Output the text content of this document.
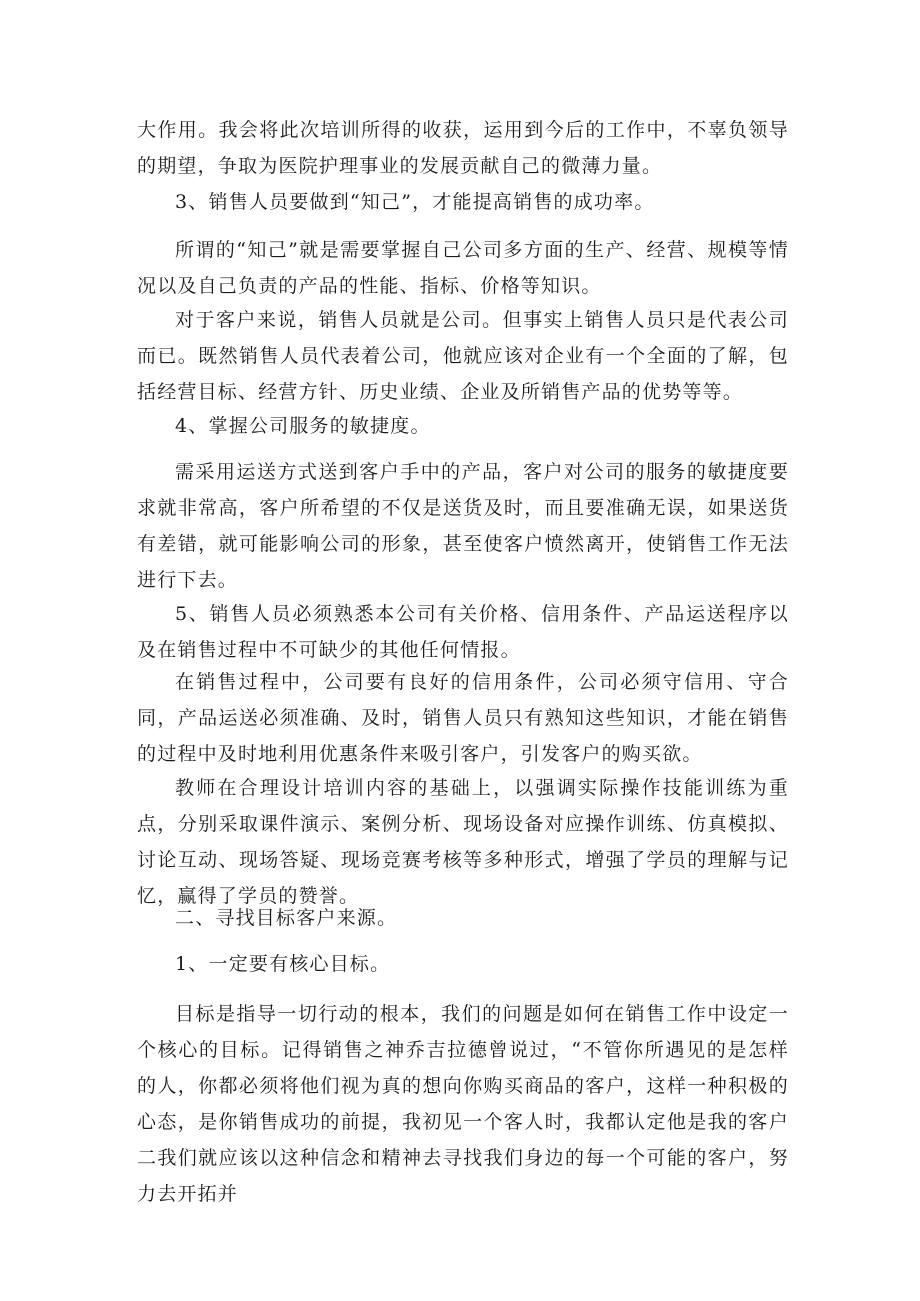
大作用。我会将此次培训所得的收获，运用到今后的工作中，不辜负领导的期望，争取为医院护理事业的发展贡献自己的微薄力量。

3、销售人员要做到“知己”，才能提高销售的成功率。

所谓的“知己”就是需要掌握自己公司多方面的生产、经营、规模等情况以及自己负责的产品的性能、指标、价格等知识。

对于客户来说，销售人员就是公司。但事实上销售人员只是代表公司而已。既然销售人员代表着公司，他就应该对企业有一个全面的了解，包括经营目标、经营方针、历史业绩、企业及所销售产品的优势等等。

4、掌握公司服务的敏捷度。

需采用运送方式送到客户手中的产品，客户对公司的服务的敏捷度要求就非常高，客户所希望的不仅是送货及时，而且要准确无误，如果送货有差错，就可能影响公司的形象，甚至使客户愤然离开，使销售工作无法进行下去。

5、销售人员必须熟悉本公司有关价格、信用条件、产品运送程序以及在销售过程中不可缺少的其他任何情报。

在销售过程中，公司要有良好的信用条件，公司必须守信用、守合同，产品运送必须准确、及时，销售人员只有熟知这些知识，才能在销售的过程中及时地利用优惠条件来吸引客户，引发客户的购买欲。

教师在合理设计培训内容的基础上，以强调实际操作技能训练为重点，分别采取课件演示、案例分析、现场设备对应操作训练、仿真模拟、讨论互动、现场答疑、现场竞赛考核等多种形式，增强了学员的理解与记忆，赢得了学员的赞誉。

二、寻找目标客户来源。

1、一定要有核心目标。

目标是指导一切行动的根本，我们的问题是如何在销售工作中设定一个核心的目标。记得销售之神乔吉拉德曾说过，“不管你所遇见的是怎样的人，你都必须将他们视为真的想向你购买商品的客户，这样一种积极的心态，是你销售成功的前提，我初见一个客人时，我都认定他是我的客户二我们就应该以这种信念和精神去寻找我们身边的每一个可能的客户，努力去开拓并
